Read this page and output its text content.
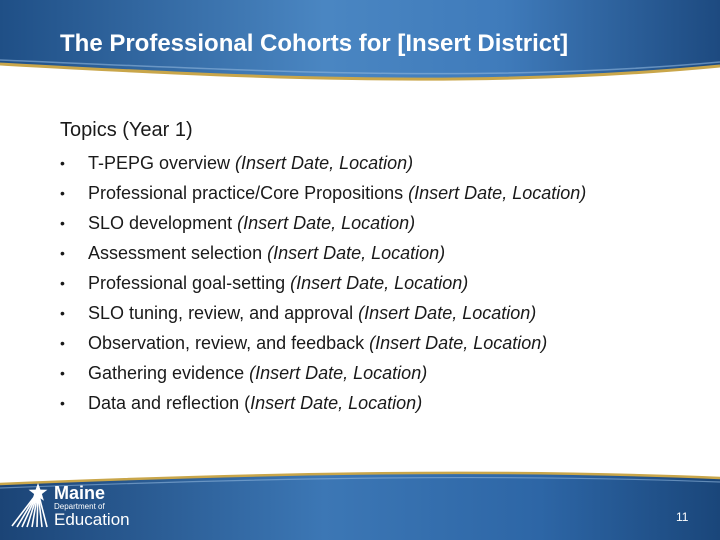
The Professional Cohorts for [Insert District]
Topics (Year 1)
• T-PEPG overview (Insert Date, Location)
• Professional practice/Core Propositions (Insert Date, Location)
• SLO development (Insert Date, Location)
• Assessment selection (Insert Date, Location)
• Professional goal-setting (Insert Date, Location)
• SLO tuning, review, and approval (Insert Date, Location)
• Observation, review, and feedback (Insert Date, Location)
• Gathering evidence (Insert Date, Location)
• Data and reflection (Insert Date, Location)
Maine
Department of
Education	11
